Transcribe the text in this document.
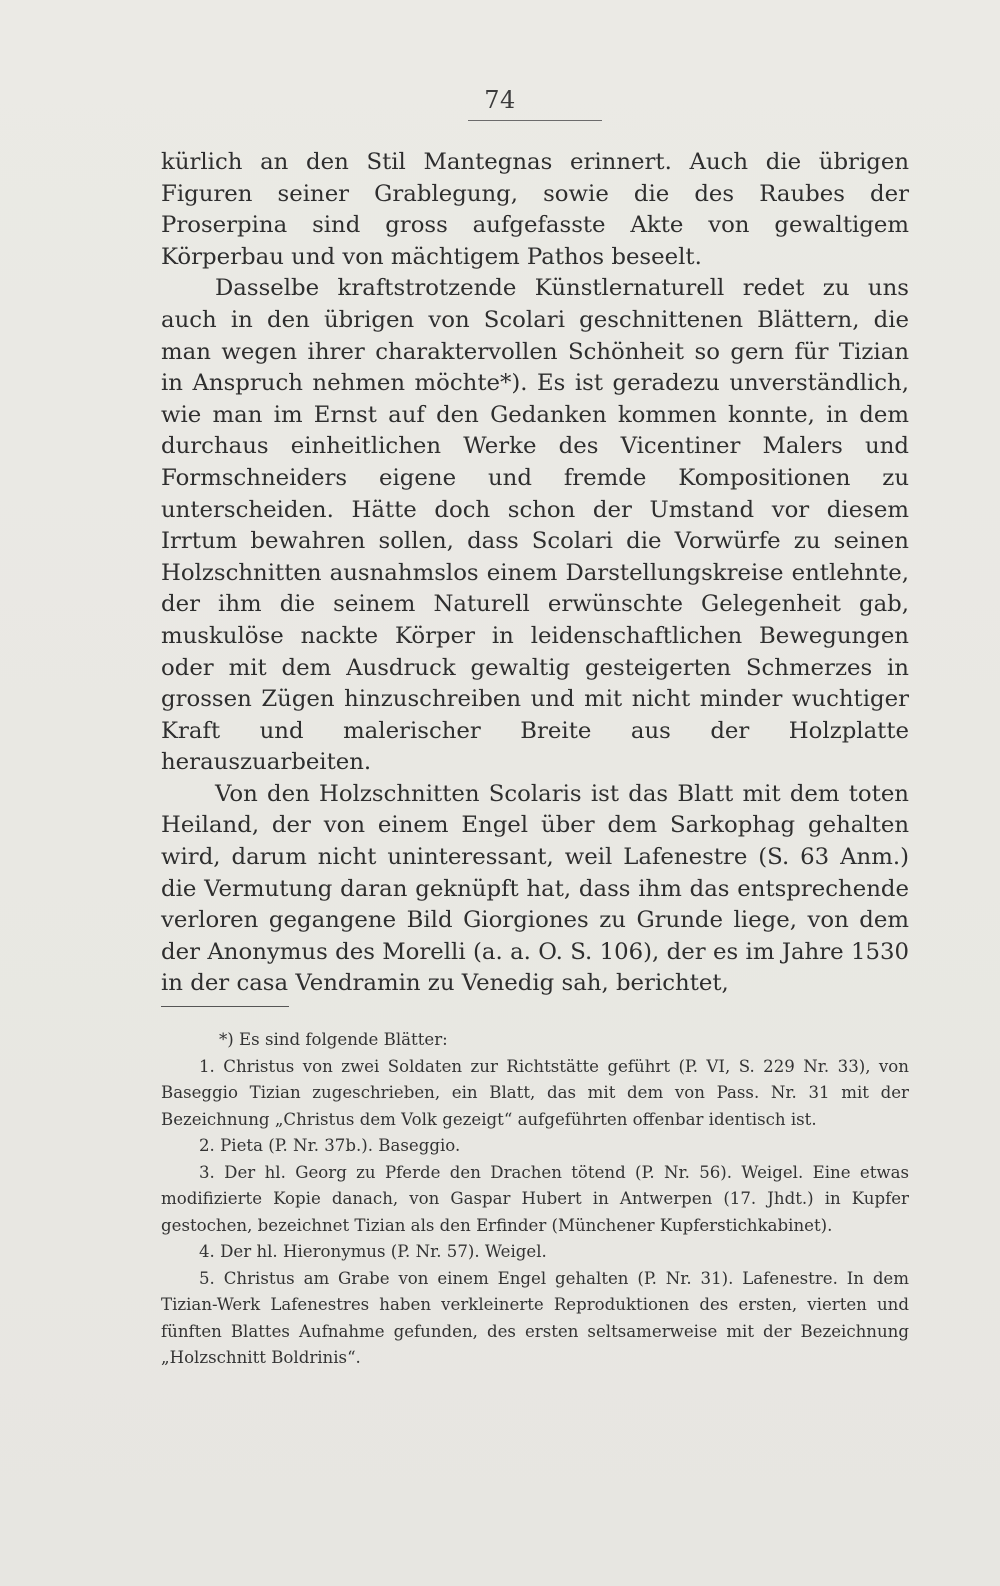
74

kürlich an den Stil Mantegnas erinnert. Auch die übrigen Figuren seiner Grablegung, sowie die des Raubes der Proserpina sind gross aufgefasste Akte von gewaltigem Körperbau und von mächtigem Pathos beseelt.

Dasselbe kraftstrotzende Künstlernaturell redet zu uns auch in den übrigen von Scolari geschnittenen Blättern, die man wegen ihrer charaktervollen Schönheit so gern für Tizian in Anspruch nehmen möchte*). Es ist geradezu unverständlich, wie man im Ernst auf den Gedanken kommen konnte, in dem durchaus einheitlichen Werke des Vicentiner Malers und Formschneiders eigene und fremde Kompositionen zu unterscheiden. Hätte doch schon der Umstand vor diesem Irrtum bewahren sollen, dass Scolari die Vorwürfe zu seinen Holzschnitten ausnahmslos einem Darstellungskreise entlehnte, der ihm die seinem Naturell erwünschte Gelegenheit gab, muskulöse nackte Körper in leidenschaftlichen Bewegungen oder mit dem Ausdruck gewaltig gesteigerten Schmerzes in grossen Zügen hinzuschreiben und mit nicht minder wuchtiger Kraft und malerischer Breite aus der Holzplatte herauszuarbeiten.

Von den Holzschnitten Scolaris ist das Blatt mit dem toten Heiland, der von einem Engel über dem Sarkophag gehalten wird, darum nicht uninteressant, weil Lafenestre (S. 63 Anm.) die Vermutung daran geknüpft hat, dass ihm das entsprechende verloren gegangene Bild Giorgiones zu Grunde liege, von dem der Anonymus des Morelli (a. a. O. S. 106), der es im Jahre 1530 in der casa Vendramin zu Venedig sah, berichtet,

*) Es sind folgende Blätter:

1. Christus von zwei Soldaten zur Richtstätte geführt (P. VI, S. 229 Nr. 33), von Baseggio Tizian zugeschrieben, ein Blatt, das mit dem von Pass. Nr. 31 mit der Bezeichnung „Christus dem Volk gezeigt“ aufgeführten offenbar identisch ist.

2. Pieta (P. Nr. 37b.). Baseggio.

3. Der hl. Georg zu Pferde den Drachen tötend (P. Nr. 56). Weigel. Eine etwas modifizierte Kopie danach, von Gaspar Hubert in Antwerpen (17. Jhdt.) in Kupfer gestochen, bezeichnet Tizian als den Erfinder (Münchener Kupferstichkabinet).

4. Der hl. Hieronymus (P. Nr. 57). Weigel.

5. Christus am Grabe von einem Engel gehalten (P. Nr. 31). Lafenestre. In dem Tizian-Werk Lafenestres haben verkleinerte Reproduktionen des ersten, vierten und fünften Blattes Aufnahme gefunden, des ersten seltsamerweise mit der Bezeichnung „Holzschnitt Boldrinis“.
